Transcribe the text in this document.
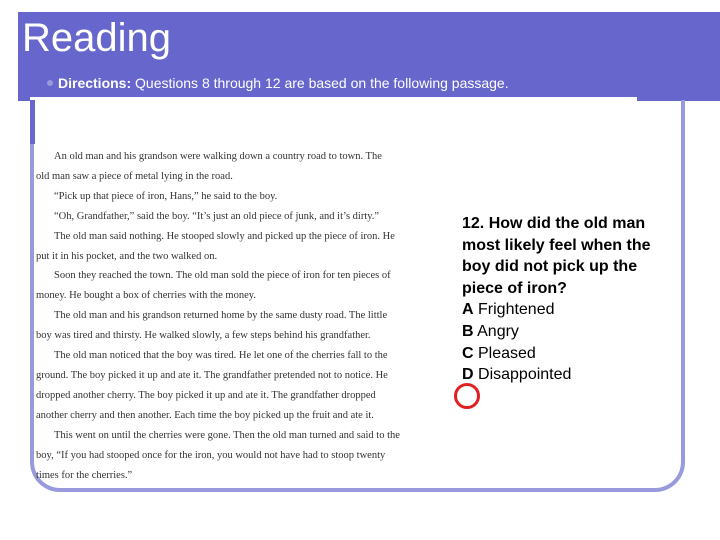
Reading
Directions: Questions 8 through 12 are based on the following passage.

An old man and his grandson were walking down a country road to town. The

old man saw a piece of metal lying in the road.

“Pick up that piece of iron, Hans,” he said to the boy.

“Oh, Grandfather,” said the boy. “It’s just an old piece of junk, and it’s dirty.”

The old man said nothing. He stooped slowly and picked up the piece of iron. He

put it in his pocket, and the two walked on.

Soon they reached the town. The old man sold the piece of iron for ten pieces of

money. He bought a box of cherries with the money.

The old man and his grandson returned home by the same dusty road. The little

boy was tired and thirsty. He walked slowly, a few steps behind his grandfather.

The old man noticed that the boy was tired. He let one of the cherries fall to the

ground. The boy picked it up and ate it. The grandfather pretended not to notice. He

dropped another cherry. The boy picked it up and ate it. The grandfather dropped

another cherry and then another. Each time the boy picked up the fruit and ate it.

This went on until the cherries were gone. Then the old man turned and said to the

boy, “If you had stooped once for the iron, you would not have had to stoop twenty

times for the cherries.”

12. How did the old man most likely feel when the boy did not pick up the piece of iron?
A Frightened
B Angry
C Pleased
D Disappointed
